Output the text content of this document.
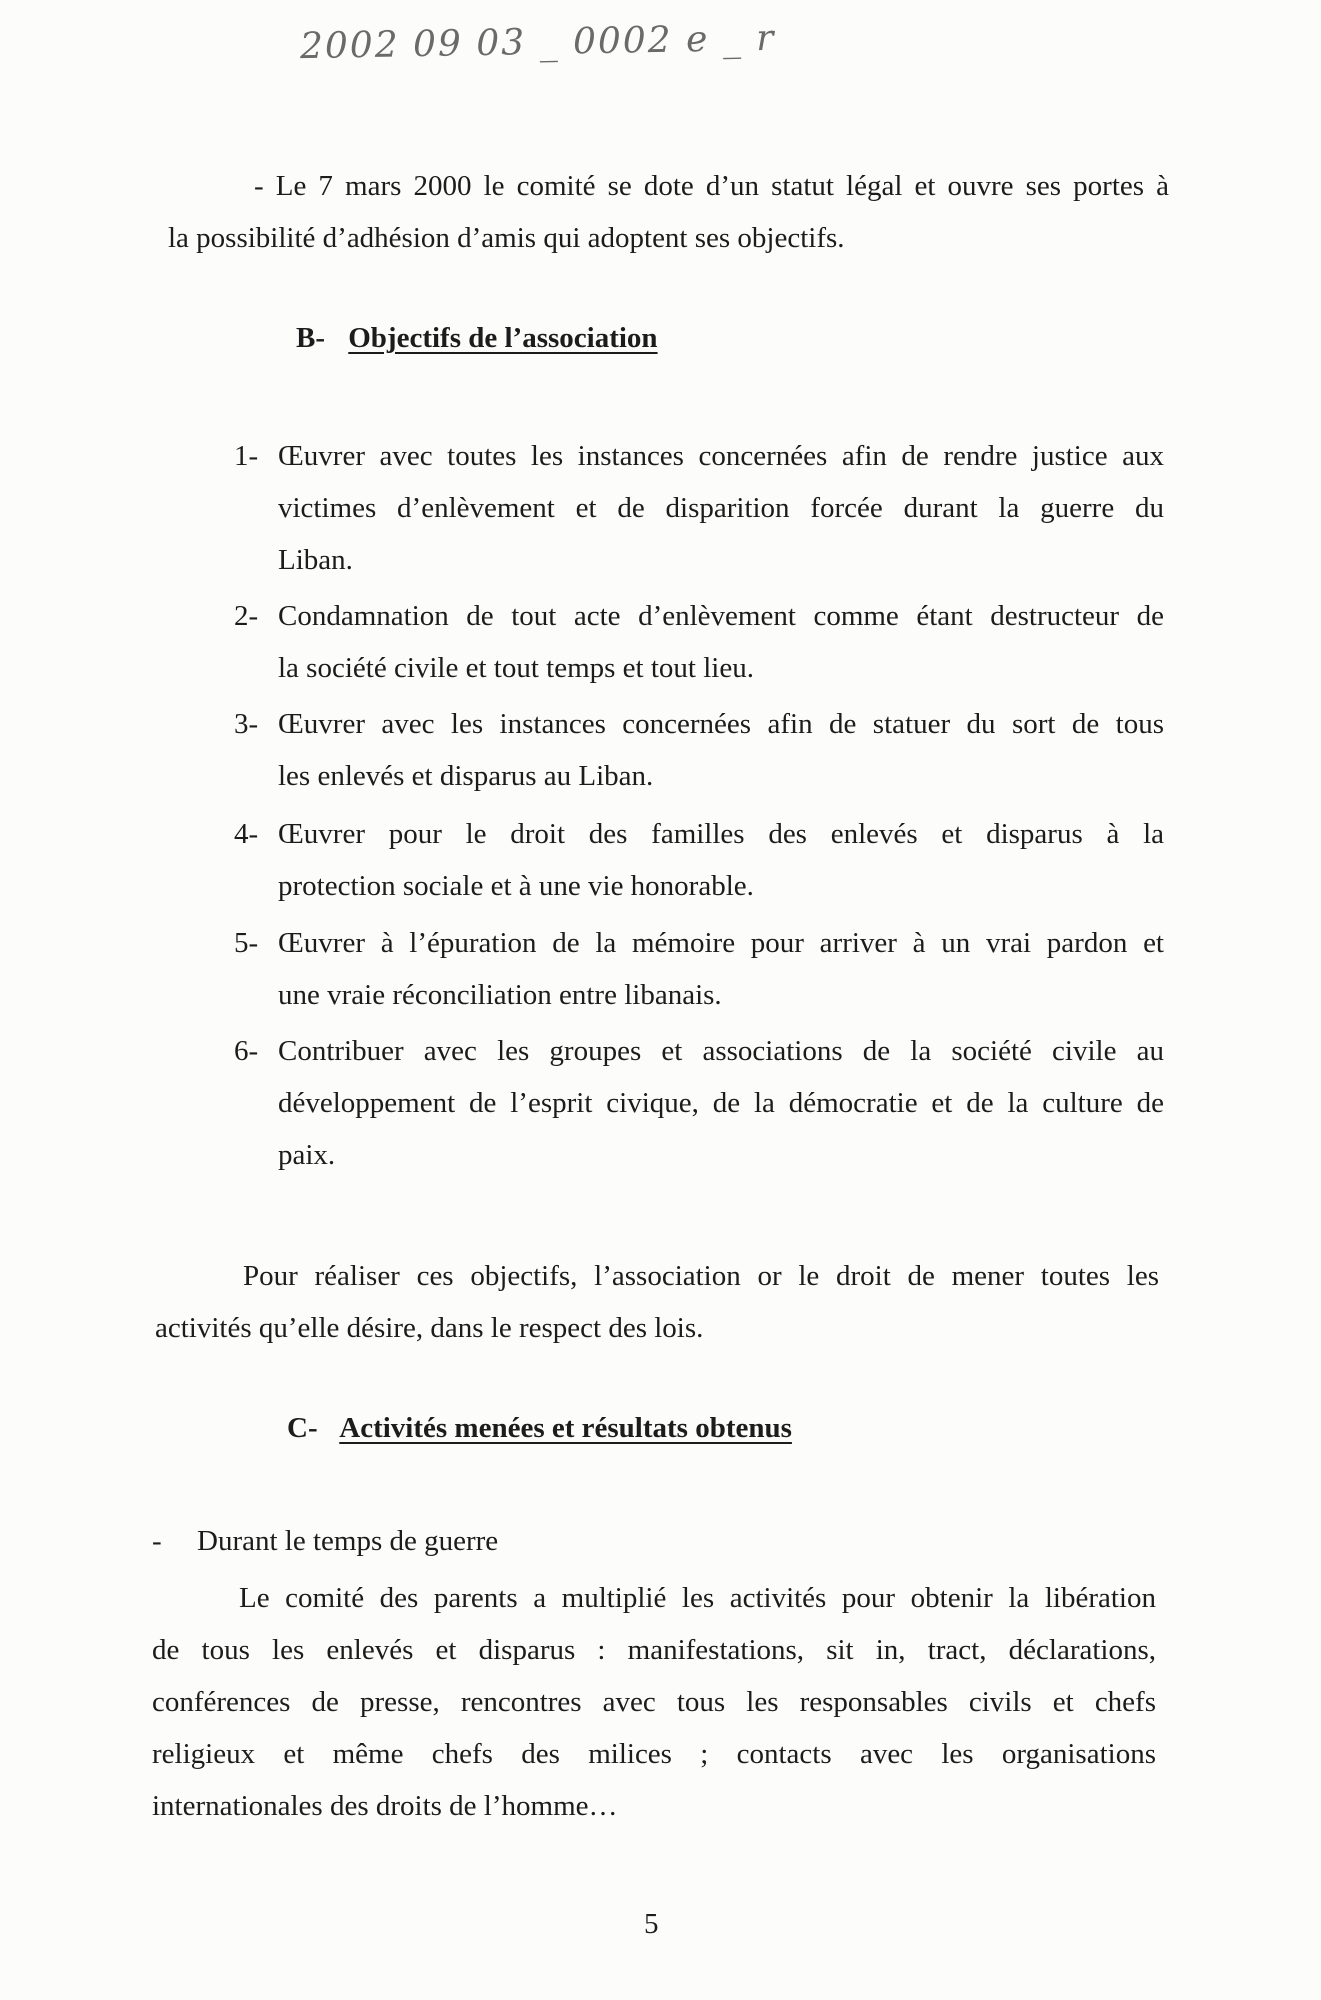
2002 09 03 _ 0002 e _ r
- Le 7 mars 2000 le comité se dote d’un statut légal et ouvre ses portes à
la possibilité d’adhésion d’amis qui adoptent ses objectifs.
B- Objectifs de l’association
1- Œuvrer avec toutes les instances concernées afin de rendre justice aux
victimes d’enlèvement et de disparition forcée durant la guerre du
Liban.
2- Condamnation de tout acte d’enlèvement comme étant destructeur de
la société civile et tout temps et tout lieu.
3- Œuvrer avec les instances concernées afin de statuer du sort de tous
les enlevés et disparus au Liban.
4- Œuvrer pour le droit des familles des enlevés et disparus à la
protection sociale et à une vie honorable.
5- Œuvrer à l’épuration de la mémoire pour arriver à un vrai pardon et
une vraie réconciliation entre libanais.
6- Contribuer avec les groupes et associations de la société civile au
développement de l’esprit civique, de la démocratie et de la culture de
paix.
Pour réaliser ces objectifs, l’association or le droit de mener toutes les
activités qu’elle désire, dans le respect des lois.
C- Activités menées et résultats obtenus
- Durant le temps de guerre
Le comité des parents a multiplié les activités pour obtenir la libération
de tous les enlevés et disparus : manifestations, sit in, tract, déclarations,
conférences de presse, rencontres avec tous les responsables civils et chefs
religieux et même chefs des milices ; contacts avec les organisations
internationales des droits de l’homme…
5
